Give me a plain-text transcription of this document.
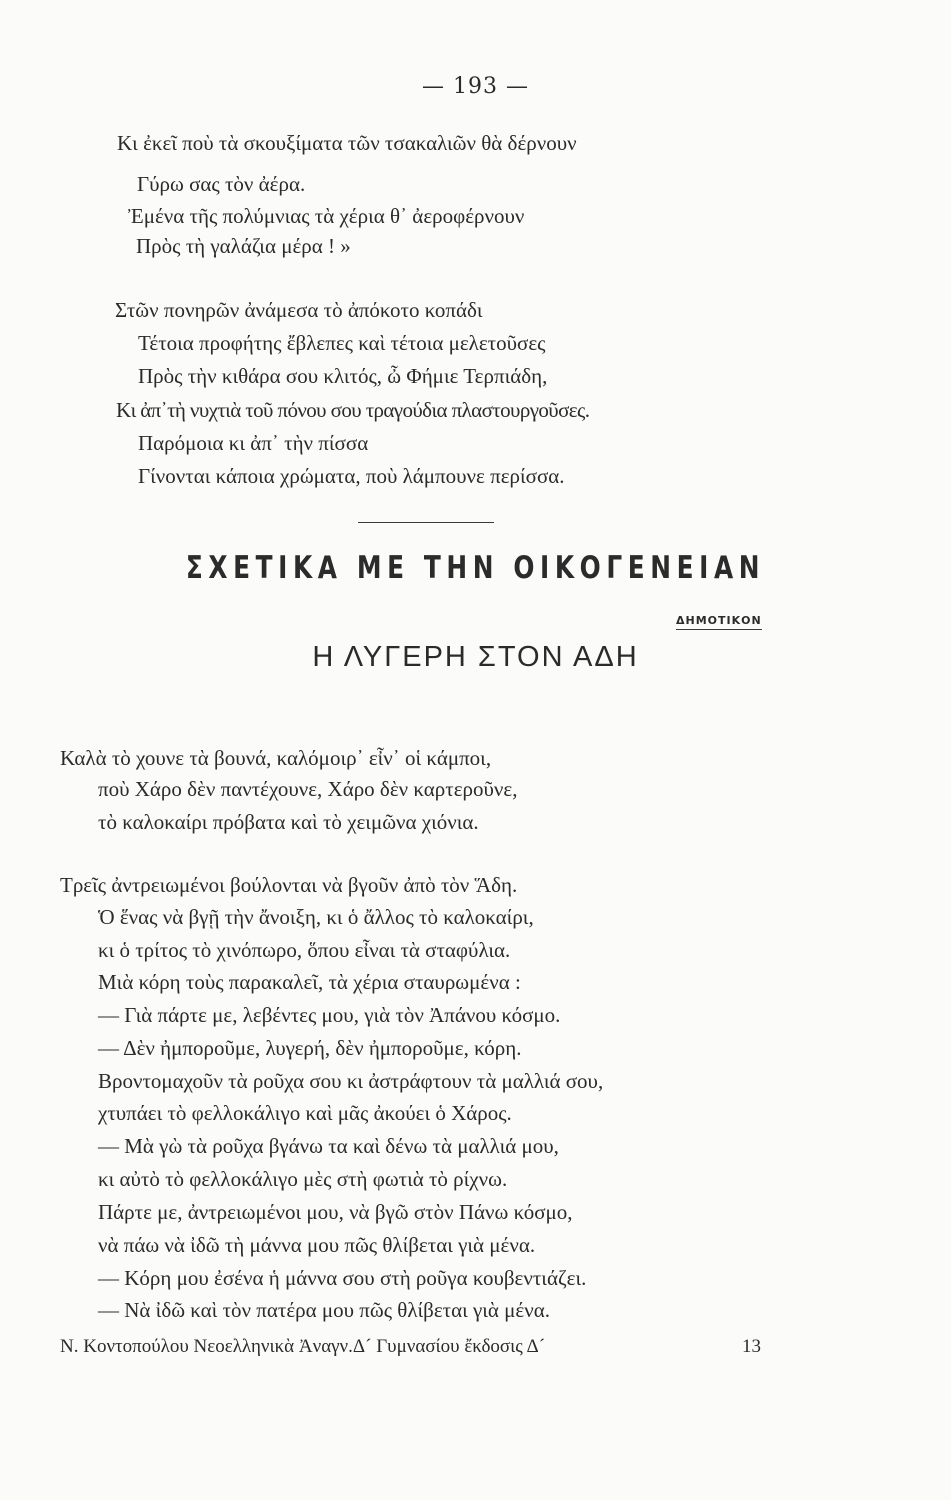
— 193 —
Κι ἐκεῖ ποὺ τὰ σκουξίματα τῶν τσακαλιῶν θὰ δέρνουν
Γύρω σας τὸν ἀέρα.
Ἐμένα τῆς πολύμνιας τὰ χέρια θ᾽ ἀεροφέρνουν
Πρὸς τὴ γαλάζια μέρα ! »
Στῶν πονηρῶν ἀνάμεσα τὸ ἀπόκοτο κοπάδι
Τέτοια προφήτης ἔβλεπες καὶ τέτοια μελετοῦσες
Πρὸς τὴν κιθάρα σου κλιτός, ὦ Φήμιε Τερπιάδη,
Κι ἀπ᾽τὴ νυχτιὰ τοῦ πόνου σου τραγούδια πλαστουργοῦσες.
Παρόμοια κι ἀπ᾽ τὴν πίσσα
Γίνονται κάποια χρώματα, ποὺ λάμπουνε περίσσα.
ΣΧΕΤΙΚΑ ΜΕ ΤΗΝ ΟΙΚΟΓΕΝΕΙΑΝ
ΔΗΜΟΤΙΚΟΝ
Η ΛΥΓΕΡΗ ΣΤΟΝ ΑΔΗ
Καλὰ τὸ χουνε τὰ βουνά, καλόμοιρ᾽ εἶν᾽ οἱ κάμποι,
ποὺ Χάρο δὲν παντέχουνε, Χάρο δὲν καρτεροῦνε,
τὸ καλοκαίρι πρόβατα καὶ τὸ χειμῶνα χιόνια.
Τρεῖς ἀντρειωμένοι βούλονται νὰ βγοῦν ἀπὸ τὸν Ἅδη.
Ὁ ἕνας νὰ βγῇ τὴν ἄνοιξη, κι ὁ ἄλλος τὸ καλοκαίρι,
κι ὁ τρίτος τὸ χινόπωρο, ὅπου εἶναι τὰ σταφύλια.
Μιὰ κόρη τοὺς παρακαλεῖ, τὰ χέρια σταυρωμένα :
— Γιὰ πάρτε με, λεβέντες μου, γιὰ τὸν Ἀπάνου κόσμο.
— Δὲν ἠμποροῦμε, λυγερή, δὲν ἠμποροῦμε, κόρη.
Βροντομαχοῦν τὰ ροῦχα σου κι ἀστράφτουν τὰ μαλλιά σου,
χτυπάει τὸ φελλοκάλιγο καὶ μᾶς ἀκούει ὁ Χάρος.
— Μὰ γὼ τὰ ροῦχα βγάνω τα καὶ δένω τὰ μαλλιά μου,
κι αὐτὸ τὸ φελλοκάλιγο μὲς στὴ φωτιὰ τὸ ρίχνω.
Πάρτε με, ἀντρειωμένοι μου, νὰ βγῶ στὸν Πάνω κόσμο,
νὰ πάω νὰ ἰδῶ τὴ μάννα μου πῶς θλίβεται γιὰ μένα.
— Κόρη μου ἐσένα ἡ μάννα σου στὴ ροῦγα κουβεντιάζει.
— Νὰ ἰδῶ καὶ τὸν πατέρα μου πῶς θλίβεται γιὰ μένα.
Ν. Κοντοπούλου Νεοελληνικὰ Ἀναγν.Δ´ Γυμνασίου ἔκδοσις Δ´	13
